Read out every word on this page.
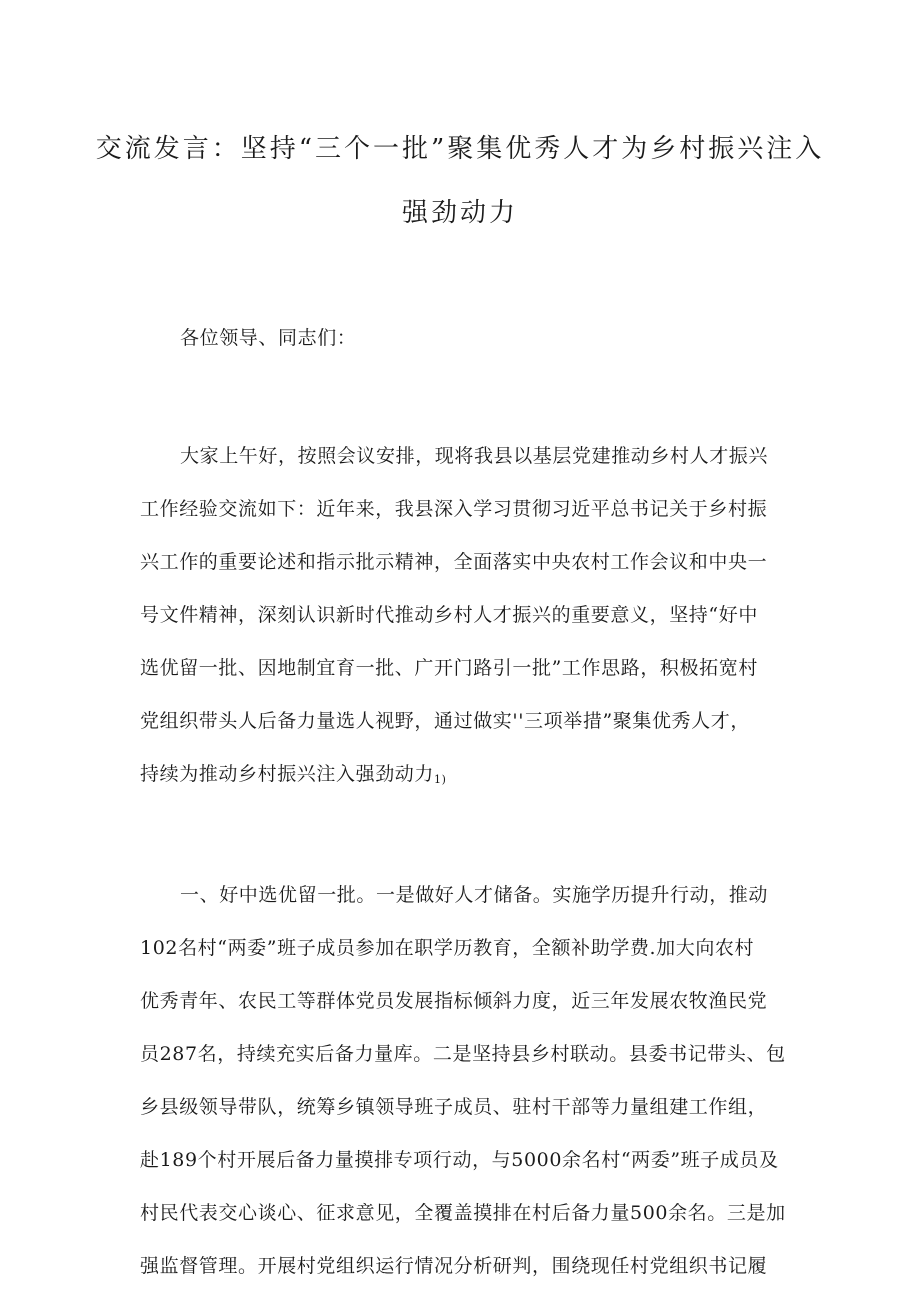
交流发言：坚持“三个一批”聚集优秀人才为乡村振兴注入
强劲动力
各位领导、同志们：
大家上午好，按照会议安排，现将我县以基层党建推动乡村人才振兴
工作经验交流如下：近年来，我县深入学习贯彻习近平总书记关于乡村振
兴工作的重要论述和指示批示精神，全面落实中央农村工作会议和中央一
号文件精神，深刻认识新时代推动乡村人才振兴的重要意义，坚持“好中
选优留一批、因地制宜育一批、广开门路引一批”工作思路，积极拓宽村
党组织带头人后备力量选人视野，通过做实''三项举措”聚集优秀人才，
持续为推动乡村振兴注入强劲动力$_{1)}$
一、好中选优留一批。一是做好人才储备。实施学历提升行动，推动
102名村“两委”班子成员参加在职学历教育，全额补助学费.加大向农村
优秀青年、农民工等群体党员发展指标倾斜力度，近三年发展农牧渔民党
员287名，持续充实后备力量库。二是坚持县乡村联动。县委书记带头、包
乡县级领导带队，统筹乡镇领导班子成员、驻村干部等力量组建工作组，
赴189个村开展后备力量摸排专项行动，与5000余名村“两委”班子成员及
村民代表交心谈心、征求意见，全覆盖摸排在村后备力量500余名。三是加
强监督管理。开展村党组织运行情况分析研判，围绕现任村党组织书记履
